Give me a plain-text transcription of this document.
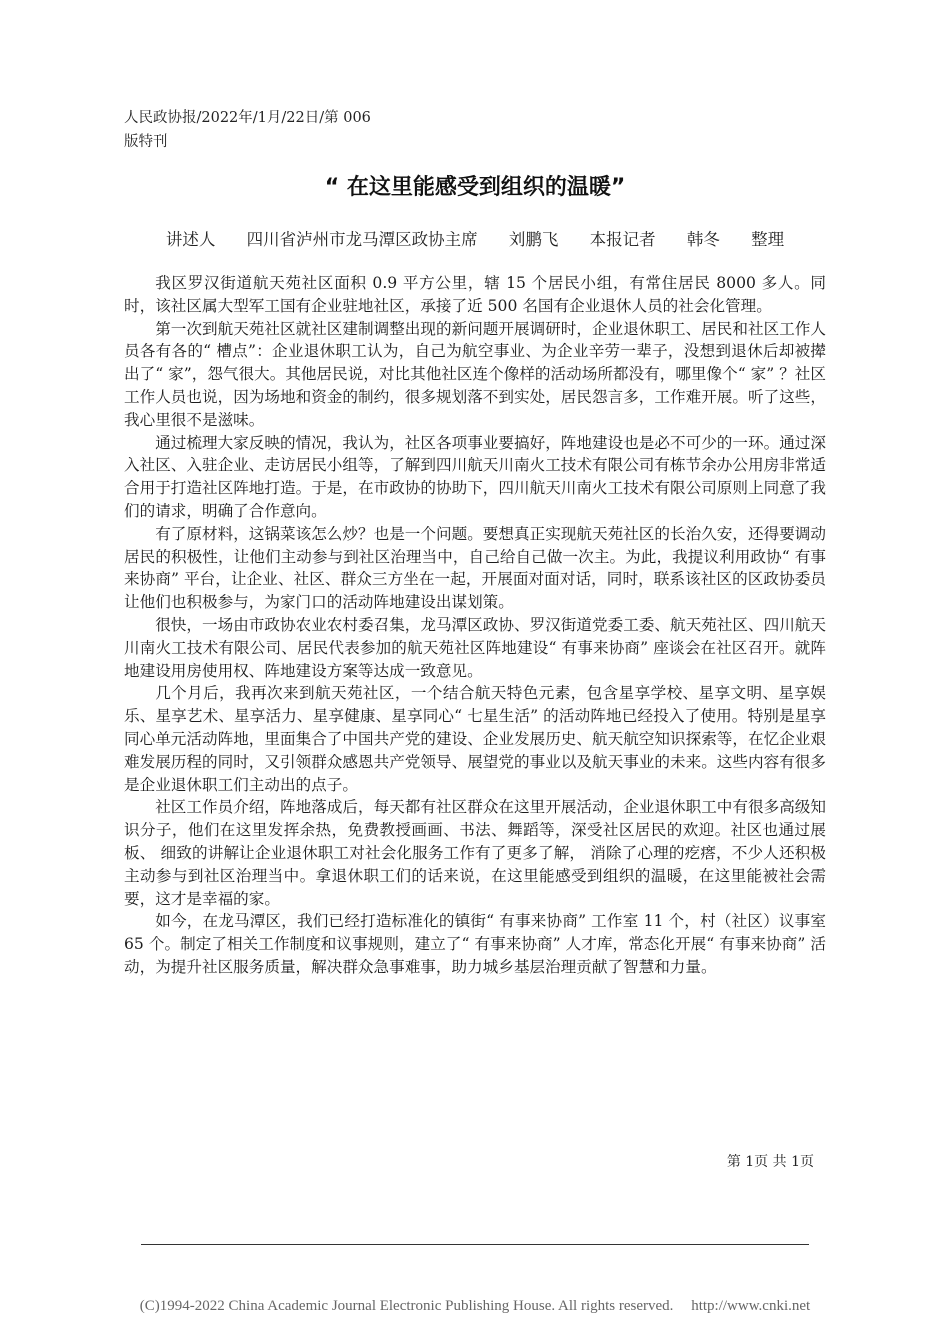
人民政协报/2022年/1月/22日/第 006
版特刊
“ 在这里能感受到组织的温暖”
讲述人 四川省泸州市龙马潭区政协主席 刘鹏飞 本报记者 韩冬 整理

我区罗汉街道航天苑社区面积 0.9 平方公里，辖 15 个居民小组，有常住居民 8000 多人。同时，该社区属大型军工国有企业驻地社区，承接了近 500 名国有企业退休人员的社会化管理。

第一次到航天苑社区就社区建制调整出现的新问题开展调研时，企业退休职工、居民和社区工作人员各有各的“ 槽点”：企业退休职工认为，自己为航空事业、为企业辛劳一辈子，没想到退休后却被撵出了“ 家”，怨气很大。其他居民说，对比其他社区连个像样的活动场所都没有，哪里像个“ 家” ？社区工作人员也说，因为场地和资金的制约，很多规划落不到实处，居民怨言多，工作难开展。听了这些，我心里很不是滋味。

通过梳理大家反映的情况，我认为，社区各项事业要搞好，阵地建设也是必不可少的一环。通过深入社区、入驻企业、走访居民小组等，了解到四川航天川南火工技术有限公司有栋节余办公用房非常适合用于打造社区阵地打造。于是，在市政协的协助下，四川航天川南火工技术有限公司原则上同意了我们的请求，明确了合作意向。

有了原材料，这锅菜该怎么炒？也是一个问题。要想真正实现航天苑社区的长治久安，还得要调动居民的积极性，让他们主动参与到社区治理当中，自己给自己做一次主。为此，我提议利用政协“ 有事来协商” 平台，让企业、社区、群众三方坐在一起，开展面对面对话，同时，联系该社区的区政协委员让他们也积极参与，为家门口的活动阵地建设出谋划策。

很快，一场由市政协农业农村委召集，龙马潭区政协、罗汉街道党委工委、航天苑社区、四川航天川南火工技术有限公司、居民代表参加的航天苑社区阵地建设“ 有事来协商” 座谈会在社区召开。就阵地建设用房使用权、阵地建设方案等达成一致意见。

几个月后，我再次来到航天苑社区，一个结合航天特色元素，包含星享学校、星享文明、星享娱乐、星享艺术、星享活力、星享健康、星享同心“ 七星生活” 的活动阵地已经投入了使用。特别是星享同心单元活动阵地，里面集合了中国共产党的建设、企业发展历史、航天航空知识探索等，在忆企业艰难发展历程的同时，又引领群众感恩共产党领导、展望党的事业以及航天事业的未来。这些内容有很多是企业退休职工们主动出的点子。

社区工作员介绍，阵地落成后，每天都有社区群众在这里开展活动，企业退休职工中有很多高级知识分子，他们在这里发挥余热，免费教授画画、书法、舞蹈等，深受社区居民的欢迎。社区也通过展板、 细致的讲解让企业退休职工对社会化服务工作有了更多了解， 消除了心理的疙瘩，不少人还积极主动参与到社区治理当中。拿退休职工们的话来说，在这里能感受到组织的温暖，在这里能被社会需要，这才是幸福的家。

如今，在龙马潭区，我们已经打造标准化的镇街“ 有事来协商” 工作室 11 个，村（社区）议事室 65 个。制定了相关工作制度和议事规则，建立了“ 有事来协商” 人才库，常态化开展“ 有事来协商” 活动，为提升社区服务质量，解决群众急事难事，助力城乡基层治理贡献了智慧和力量。

第 1页 共 1页
(C)1994-2022 China Academic Journal Electronic Publishing House. All rights reserved. http://www.cnki.net
